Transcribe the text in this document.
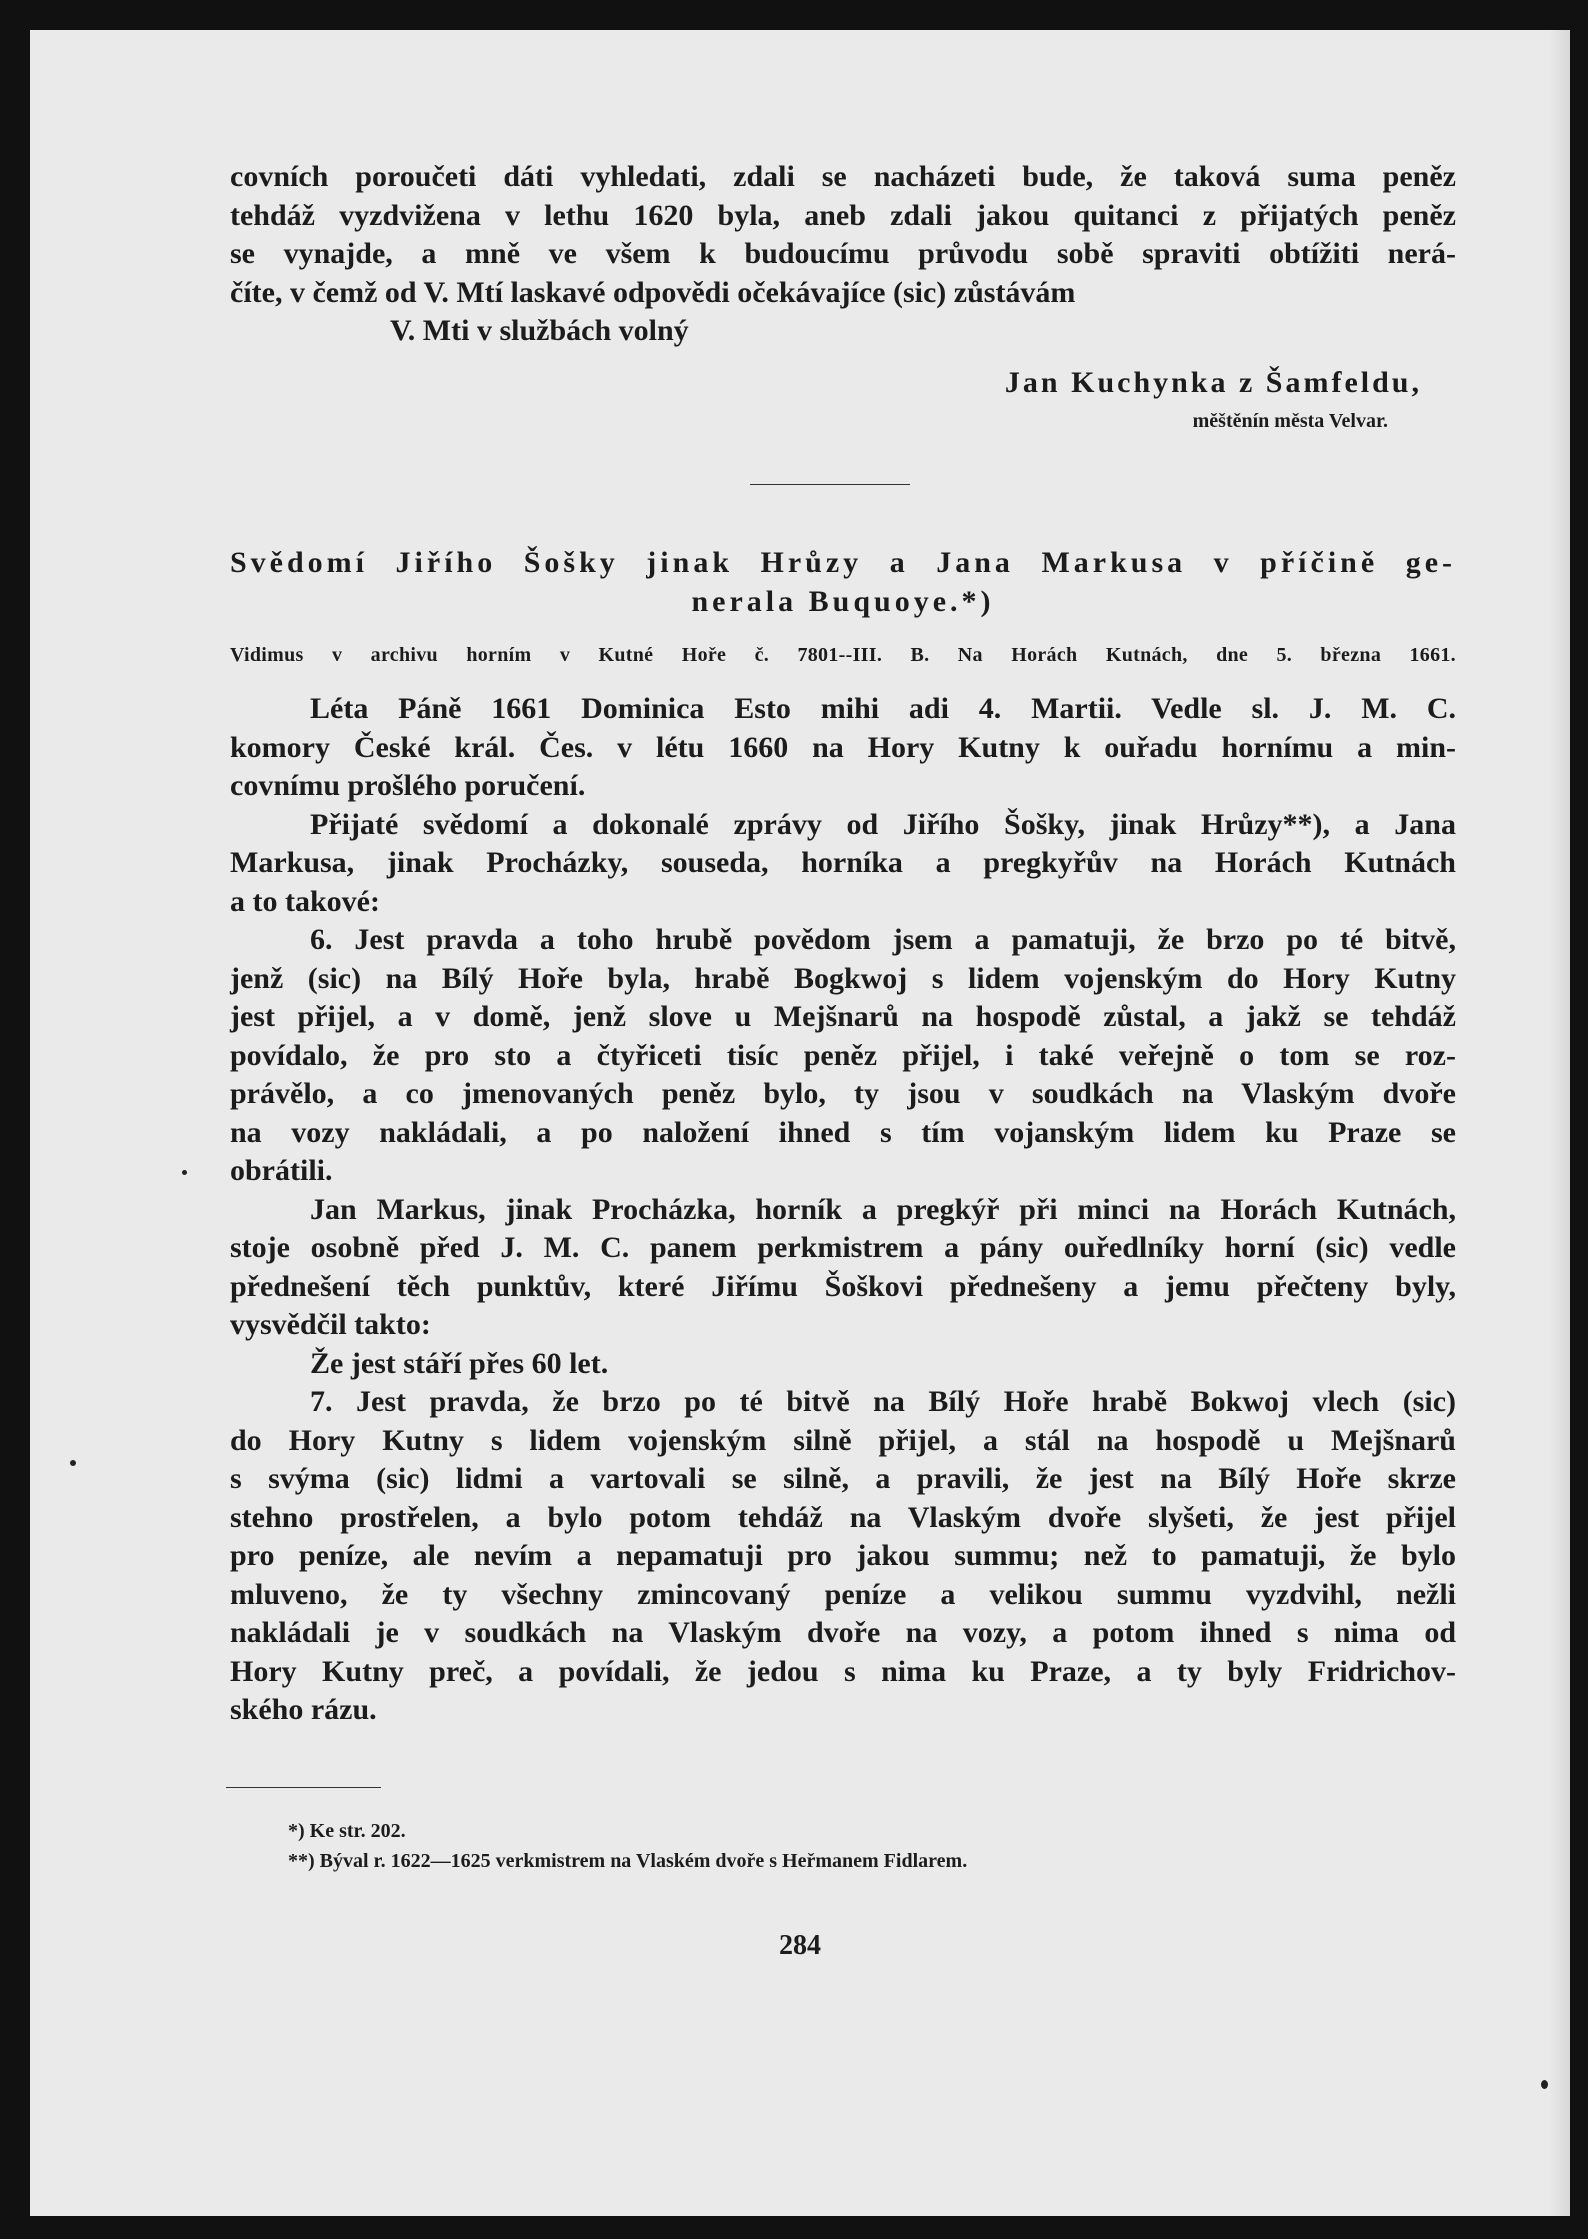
covních poroučeti dáti vyhledati, zdali se nacházeti bude, že taková suma peněz
tehdáž vyzdvižena v lethu 1620 byla, aneb zdali jakou quitanci z přijatých peněz
se vynajde, a mně ve všem k budoucímu průvodu sobě spraviti obtížiti nerá-
číte, v čemž od V. Mtí laskavé odpovědi očekávajíce (sic) zůstávám
V. Mti v službách volný
Jan Kuchynka z Šamfeldu,
měštěnín města Velvar.
Svědomí Jiřího Šošky jinak Hrůzy a Jana Markusa v příčině ge-
nerala Buquoye.*)
Vidimus v archivu horním v Kutné Hoře č. 7801--III. B. Na Horách Kutnách, dne 5. března 1661.
Léta Páně 1661 Dominica Esto mihi adi 4. Martii. Vedle sl. J. M. C.
komory České král. Čes. v létu 1660 na Hory Kutny k ouřadu hornímu a min-
covnímu prošlého poručení.
Přijaté svědomí a dokonalé zprávy od Jiřího Šošky, jinak Hrůzy**), a Jana
Markusa, jinak Procházky, souseda, horníka a pregkyřův na Horách Kutnách
a to takové:
6. Jest pravda a toho hrubě povědom jsem a pamatuji, že brzo po té bitvě,
jenž (sic) na Bílý Hoře byla, hrabě Bogkwoj s lidem vojenským do Hory Kutny
jest přijel, a v domě, jenž slove u Mejšnarů na hospodě zůstal, a jakž se tehdáž
povídalo, že pro sto a čtyřiceti tisíc peněz přijel, i také veřejně o tom se roz-
právělo, a co jmenovaných peněz bylo, ty jsou v soudkách na Vlaským dvoře
na vozy nakládali, a po naložení ihned s tím vojanským lidem ku Praze se
obrátili.
Jan Markus, jinak Procházka, horník a pregkýř při minci na Horách Kutnách,
stoje osobně před J. M. C. panem perkmistrem a pány ouředlníky horní (sic) vedle
přednešení těch punktův, které Jiřímu Šoškovi přednešeny a jemu přečteny byly,
vysvědčil takto:
Že jest stáří přes 60 let.
7. Jest pravda, že brzo po té bitvě na Bílý Hoře hrabě Bokwoj vlech (sic)
do Hory Kutny s lidem vojenským silně přijel, a stál na hospodě u Mejšnarů
s svýma (sic) lidmi a vartovali se silně, a pravili, že jest na Bílý Hoře skrze
stehno prostřelen, a bylo potom tehdáž na Vlaským dvoře slyšeti, že jest přijel
pro peníze, ale nevím a nepamatuji pro jakou summu; než to pamatuji, že bylo
mluveno, že ty všechny zmincovaný peníze a velikou summu vyzdvihl, nežli
nakládali je v soudkách na Vlaským dvoře na vozy, a potom ihned s nima od
Hory Kutny preč, a povídali, že jedou s nima ku Praze, a ty byly Fridrichov-
ského rázu.
*) Ke str. 202.
**) Býval r. 1622—1625 verkmistrem na Vlaském dvoře s Heřmanem Fidlarem.
284
